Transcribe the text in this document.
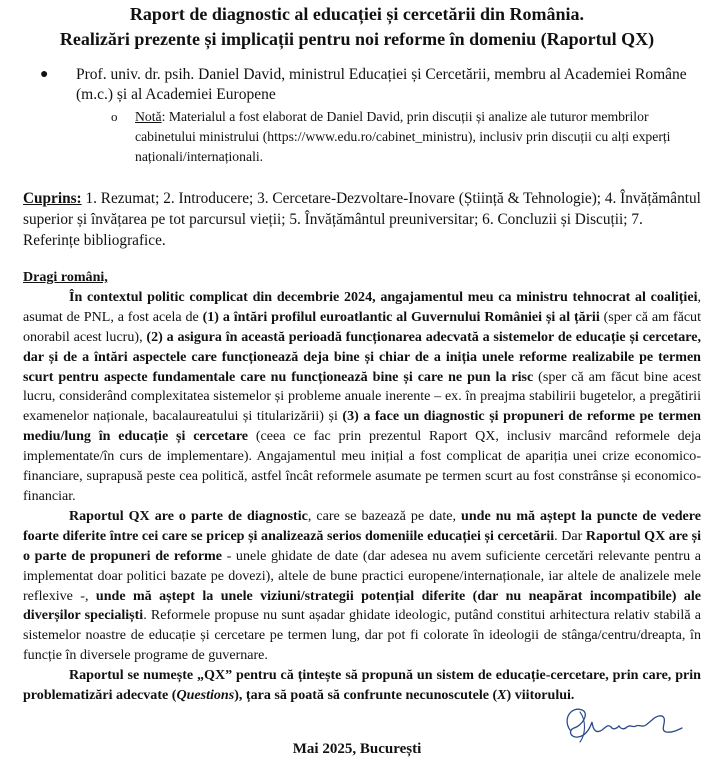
Raport de diagnostic al educației și cercetării din România.
Realizări prezente și implicații pentru noi reforme în domeniu (Raportul QX)
● Prof. univ. dr. psih. Daniel David, ministrul Educației și Cercetării, membru al Academiei Române (m.c.) și al Academiei Europene
o Notă: Materialul a fost elaborat de Daniel David, prin discuții și analize ale tuturor membrilor cabinetului ministrului (https://www.edu.ro/cabinet_ministru), inclusiv prin discuții cu alți experți naționali/internaționali.
Cuprins: 1. Rezumat; 2. Introducere; 3. Cercetare-Dezvoltare-Inovare (Știință & Tehnologie); 4. Învățământul superior și învățarea pe tot parcursul vieții; 5. Învățământul preuniversitar; 6. Concluzii și Discuții; 7. Referințe bibliografice.

Dragi români,

În contextul politic complicat din decembrie 2024, angajamentul meu ca ministru tehnocrat al coaliției, asumat de PNL, a fost acela de (1) a întări profilul euroatlantic al Guvernului României și al țării (sper că am făcut onorabil acest lucru), (2) a asigura în această perioadă funcționarea adecvată a sistemelor de educație și cercetare, dar și de a întări aspectele care funcționează deja bine și chiar de a iniția unele reforme realizabile pe termen scurt pentru aspecte fundamentale care nu funcționează bine și care ne pun la risc (sper că am făcut bine acest lucru, considerând complexitatea sistemelor și probleme anuale inerente – ex. în preajma stabilirii bugetelor, a pregătirii examenelor naționale, bacalaureatului și titularizării) și (3) a face un diagnostic și propuneri de reforme pe termen mediu/lung în educație și cercetare (ceea ce fac prin prezentul Raport QX, inclusiv marcând reformele deja implementate/în curs de implementare). Angajamentul meu inițial a fost complicat de apariția unei crize economico-financiare, suprapusă peste cea politică, astfel încât reformele asumate pe termen scurt au fost constrânse și economico-financiar.

Raportul QX are o parte de diagnostic, care se bazează pe date, unde nu mă aștept la puncte de vedere foarte diferite între cei care se pricep și analizează serios domeniile educației și cercetării. Dar Raportul QX are și o parte de propuneri de reforme - unele ghidate de date (dar adesea nu avem suficiente cercetări relevante pentru a implementat doar politici bazate pe dovezi), altele de bune practici europene/internaționale, iar altele de analizele mele reflexive -, unde mă aștept la unele viziuni/strategii potențial diferite (dar nu neapărat incompatibile) ale diverșilor specialiști. Reformele propuse nu sunt așadar ghidate ideologic, putând constitui arhitectura relativ stabilă a sistemelor noastre de educație și cercetare pe termen lung, dar pot fi colorate în ideologii de stânga/centru/dreapta, în funcție în diversele programe de guvernare.

Raportul se numește „QX” pentru că țintește să propună un sistem de educație-cercetare, prin care, prin problematizări adecvate (Questions), țara să poată să confrunte necunoscutele (X) viitorului.

Mai 2025, București
